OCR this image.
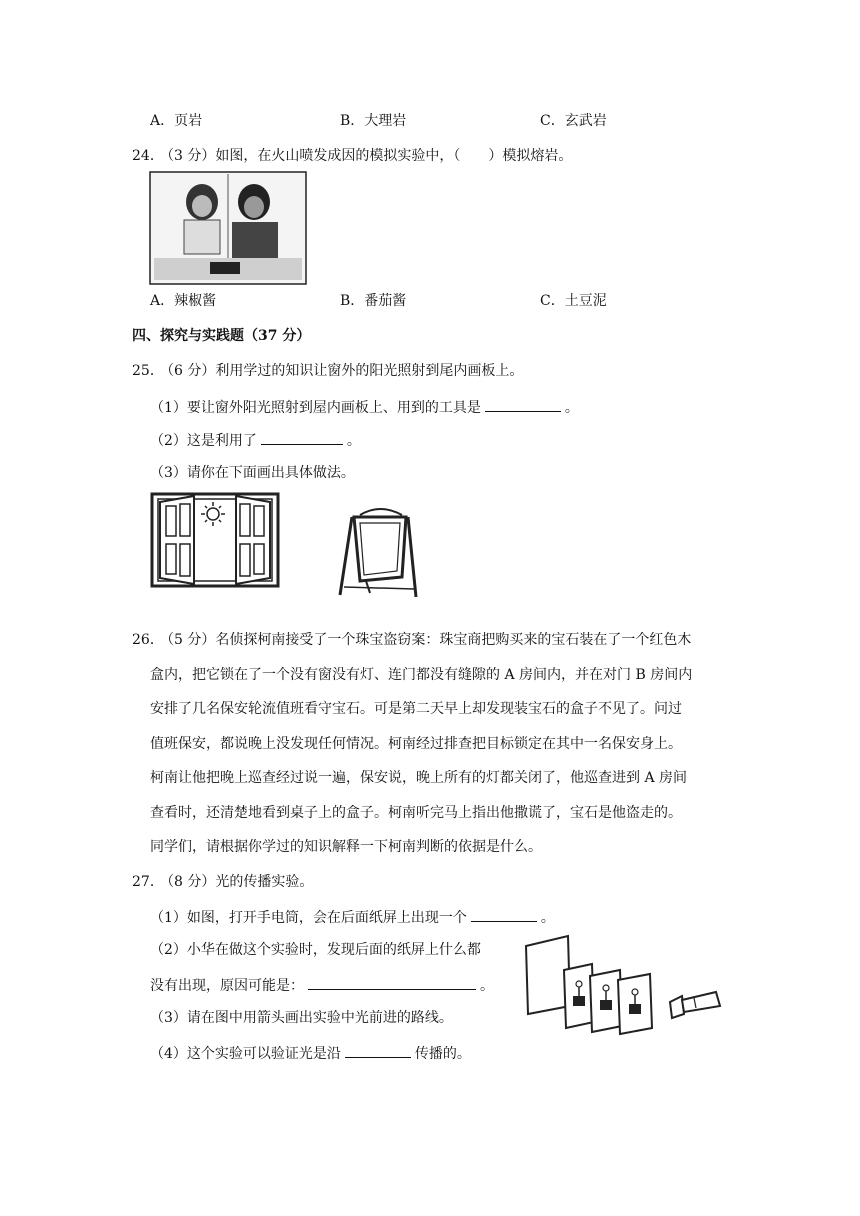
A．页岩	B．大理岩	C．玄武岩
24．
（3 分）如图，在火山喷发成因的模拟实验中，（　　）模拟熔岩。
A．辣椒酱	B．番茄酱	C．土豆泥
四、探究与实践题（37 分）
25．
（6 分）利用学过的知识让窗外的阳光照射到尾内画板上。
（1）要让窗外阳光照射到屋内画板上、用到的工具是	。
（2）这是利用了	。
（3）请你在下面画出具体做法。
26．
（5 分）名侦探柯南接受了一个珠宝盗窃案：珠宝商把购买来的宝石装在了一个红色木
盒内，把它锁在了一个没有窗没有灯、连门都没有缝隙的 A 房间内，并在对门 B 房间内
安排了几名保安轮流值班看守宝石。可是第二天早上却发现装宝石的盒子不见了。问过
值班保安，都说晚上没发现任何情况。柯南经过排查把目标锁定在其中一名保安身上。
柯南让他把晚上巡查经过说一遍，保安说，晚上所有的灯都关闭了，他巡查进到 A 房间
查看时，还清楚地看到桌子上的盒子。柯南听完马上指出他撒谎了，宝石是他盗走的。
同学们，请根据你学过的知识解释一下柯南判断的依据是什么。
27．
（8 分）光的传播实验。
（1）如图，打开手电筒，会在后面纸屏上出现一个	。
（2）小华在做这个实验时，发现后面的纸屏上什么都
没有出现，原因可能是：	。
（3）请在图中用箭头画出实验中光前进的路线。
（4）这个实验可以验证光是沿	传播的。
